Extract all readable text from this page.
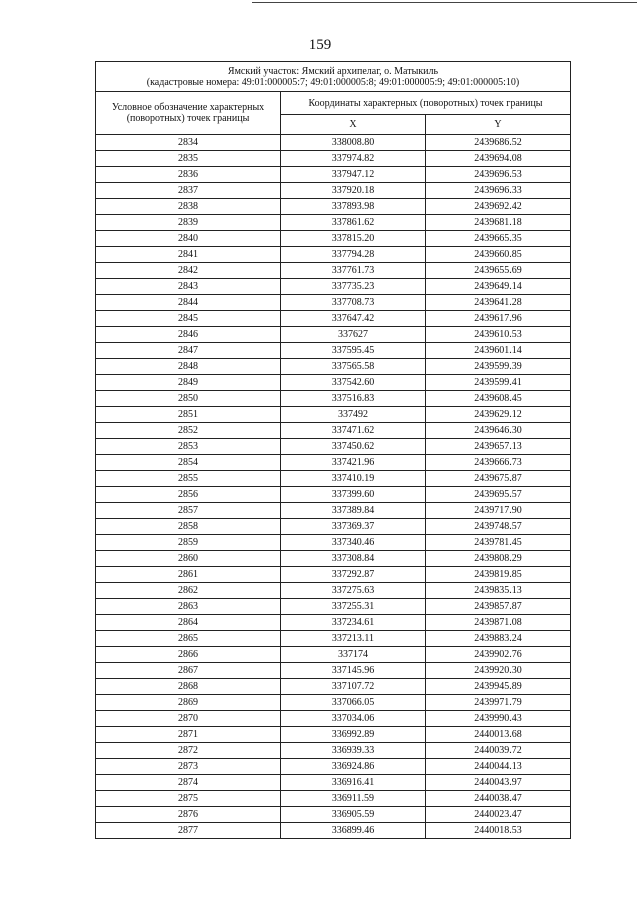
159
Ямский участок: Ямский архипелаг, о. Матыкиль
(кадастровые номера: 49:01:000005:7; 49:01:000005:8; 49:01:000005:9; 49:01:000005:10)		

Условное обозначение характерных (поворотных) точек границы	Координаты характерных (поворотных) точек границы	
	X	Y
2834	338008.80	2439686.52
2835	337974.82	2439694.08
2836	337947.12	2439696.53
2837	337920.18	2439696.33
2838	337893.98	2439692.42
2839	337861.62	2439681.18
2840	337815.20	2439665.35
2841	337794.28	2439660.85
2842	337761.73	2439655.69
2843	337735.23	2439649.14
2844	337708.73	2439641.28
2845	337647.42	2439617.96
2846	337627	2439610.53
2847	337595.45	2439601.14
2848	337565.58	2439599.39
2849	337542.60	2439599.41
2850	337516.83	2439608.45
2851	337492	2439629.12
2852	337471.62	2439646.30
2853	337450.62	2439657.13
2854	337421.96	2439666.73
2855	337410.19	2439675.87
2856	337399.60	2439695.57
2857	337389.84	2439717.90
2858	337369.37	2439748.57
2859	337340.46	2439781.45
2860	337308.84	2439808.29
2861	337292.87	2439819.85
2862	337275.63	2439835.13
2863	337255.31	2439857.87
2864	337234.61	2439871.08
2865	337213.11	2439883.24
2866	337174	2439902.76
2867	337145.96	2439920.30
2868	337107.72	2439945.89
2869	337066.05	2439971.79
2870	337034.06	2439990.43
2871	336992.89	2440013.68
2872	336939.33	2440039.72
2873	336924.86	2440044.13
2874	336916.41	2440043.97
2875	336911.59	2440038.47
2876	336905.59	2440023.47
2877	336899.46	2440018.53
